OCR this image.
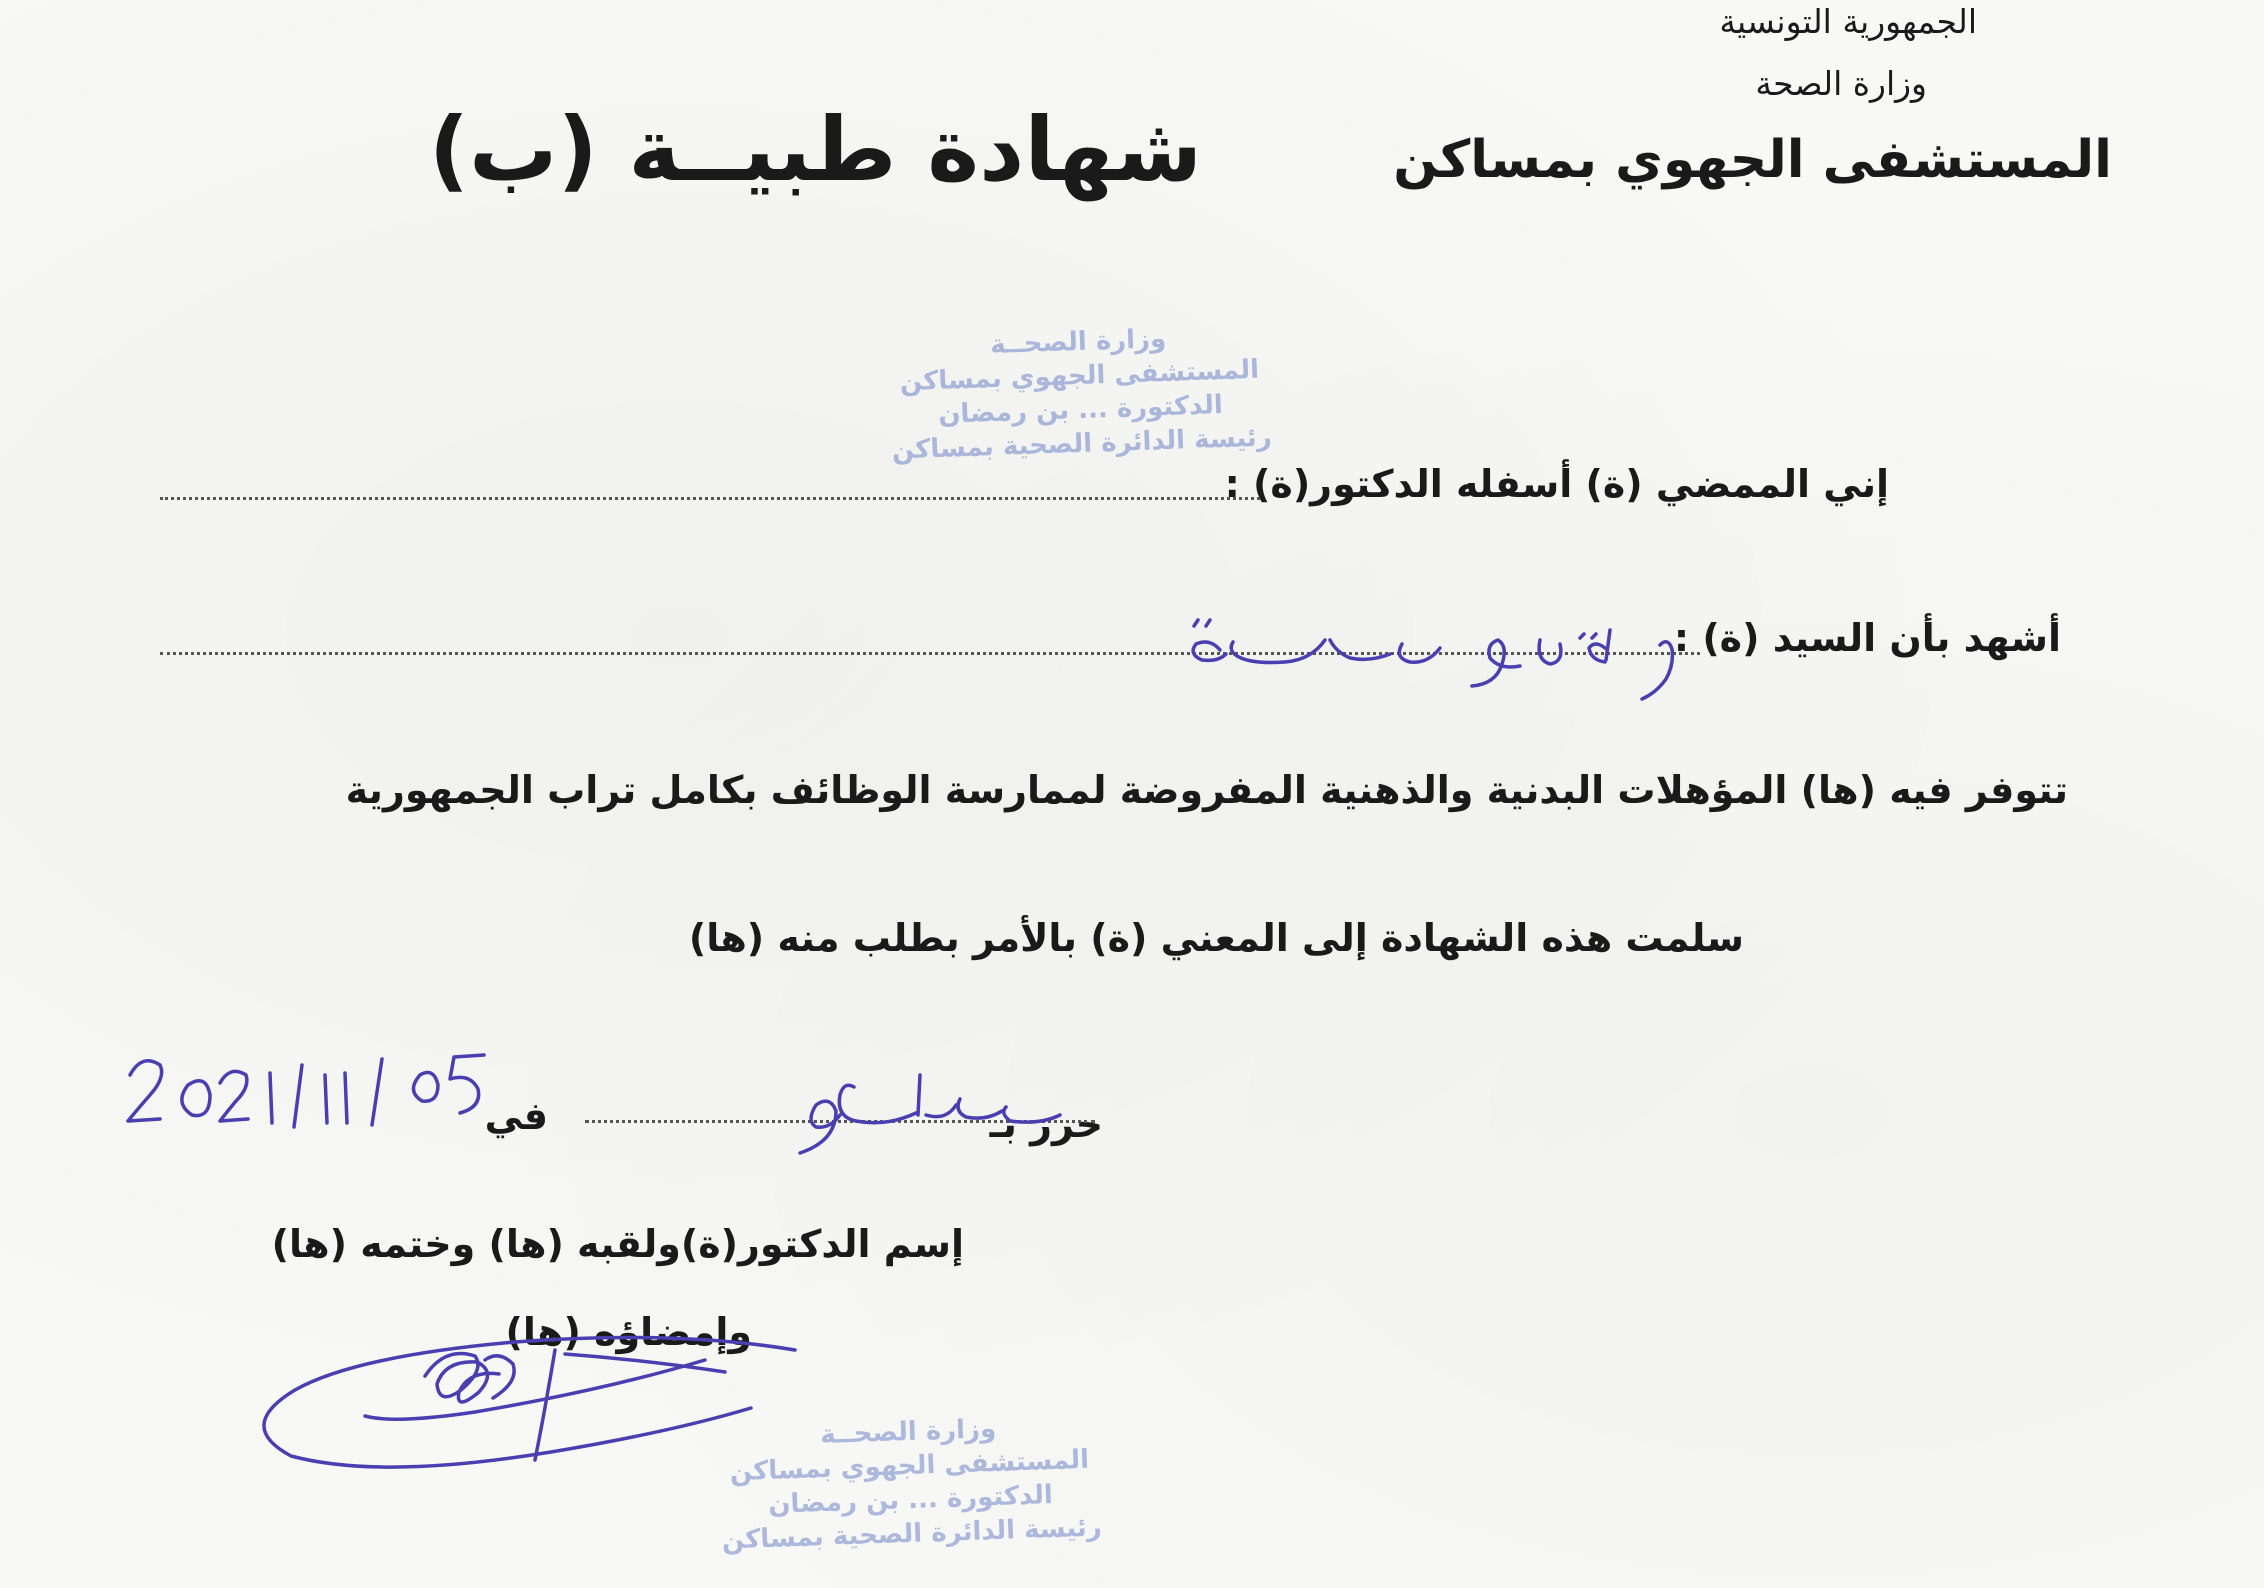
الجمهورية التونسية
وزارة الصحة
المستشفى الجهوي بمساكن
شهادة طبيــة (ب)
وزارة الصحــة
المستشفى الجهوي بمساكن
الدكتورة ... بن رمضان
رئيسة الدائرة الصحية بمساكن
إني الممضي (ة) أسفله الدكتور(ة) :
أشهد بأن السيد (ة) :
تتوفر فيه (ها) المؤهلات البدنية والذهنية المفروضة لممارسة الوظائف بكامل تراب الجمهورية
سلمت هذه الشهادة إلى المعني (ة) بالأمر بطلب منه (ها)
حرر بـ
في
إسم الدكتور(ة)ولقبه (ها) وختمه (ها)
وإمضاؤه (ها)
وزارة الصحــة
المستشفى الجهوي بمساكن
الدكتورة ... بن رمضان
رئيسة الدائرة الصحية بمساكن
